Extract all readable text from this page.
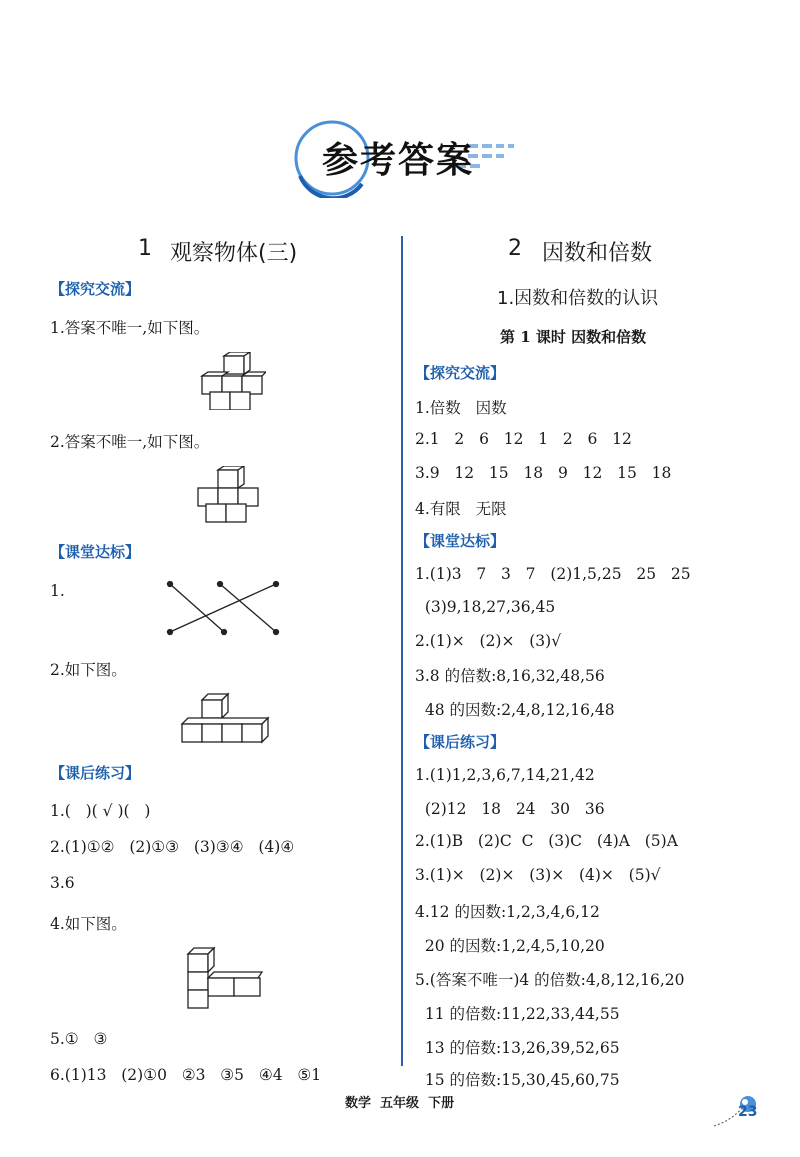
参考答案
1 观察物体(三)
【探究交流】
1.答案不唯一,如下图。
2.答案不唯一,如下图。
【课堂达标】
1.
2.如下图。
【课后练习】
1.(   )( √ )(   )
2.(1)①②   (2)①③   (3)③④   (4)④
3.6
4.如下图。
5.①   ③
6.(1)13   (2)①0   ②3   ③5   ④4   ⑤1
2 因数和倍数
1.因数和倍数的认识
第 1 课时 因数和倍数
【探究交流】
1.倍数   因数
2.1   2   6   12   1   2   6   12
3.9   12   15   18   9   12   15   18
4.有限   无限
【课堂达标】
1.(1)3   7   3   7   (2)1,5,25   25   25
(3)9,18,27,36,45
2.(1)×   (2)×   (3)√
3.8 的倍数:8,16,32,48,56
48 的因数:2,4,8,12,16,48
【课后练习】
1.(1)1,2,3,6,7,14,21,42
(2)12   18   24   30   36
2.(1)B   (2)C  C   (3)C   (4)A   (5)A
3.(1)×   (2)×   (3)×   (4)×   (5)√
4.12 的因数:1,2,3,4,6,12
20 的因数:1,2,4,5,10,20
5.(答案不唯一)4 的倍数:4,8,12,16,20
11 的倍数:11,22,33,44,55
13 的倍数:13,26,39,52,65
15 的倍数:15,30,45,60,75
数学  五年级  下册
23
